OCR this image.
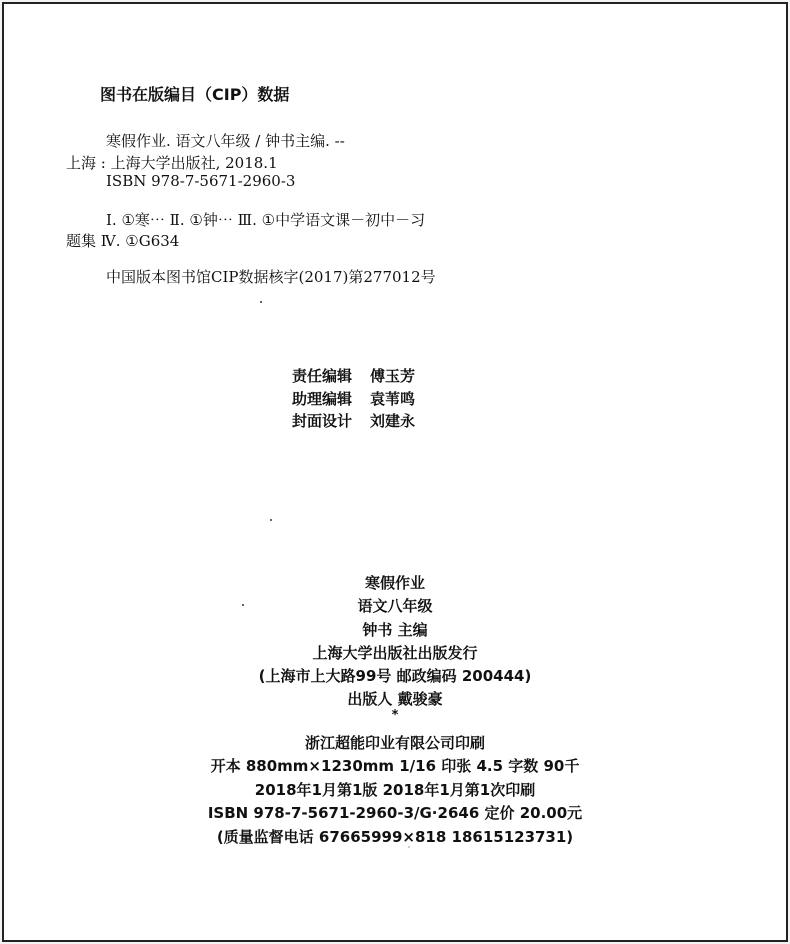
图书在版编目（CIP）数据
寒假作业. 语文八年级 / 钟书主编. --
上海 : 上海大学出版社, 2018.1
ISBN 978-7-5671-2960-3
Ⅰ. ①寒⋯ Ⅱ. ①钟⋯ Ⅲ. ①中学语文课－初中－习
题集 Ⅳ. ①G634
中国版本图书馆CIP数据核字(2017)第277012号
责任编辑 傅玉芳
助理编辑 袁苇鸣
封面设计 刘建永
寒假作业
语文八年级
钟书 主编
上海大学出版社出版发行
(上海市上大路99号 邮政编码 200444)
出版人 戴骏豪
*
浙江超能印业有限公司印刷
开本 880mm×1230mm 1/16 印张 4.5 字数 90千
2018年1月第1版 2018年1月第1次印刷
ISBN 978-7-5671-2960-3/G·2646 定价 20.00元
(质量监督电话 67665999×818 18615123731)
